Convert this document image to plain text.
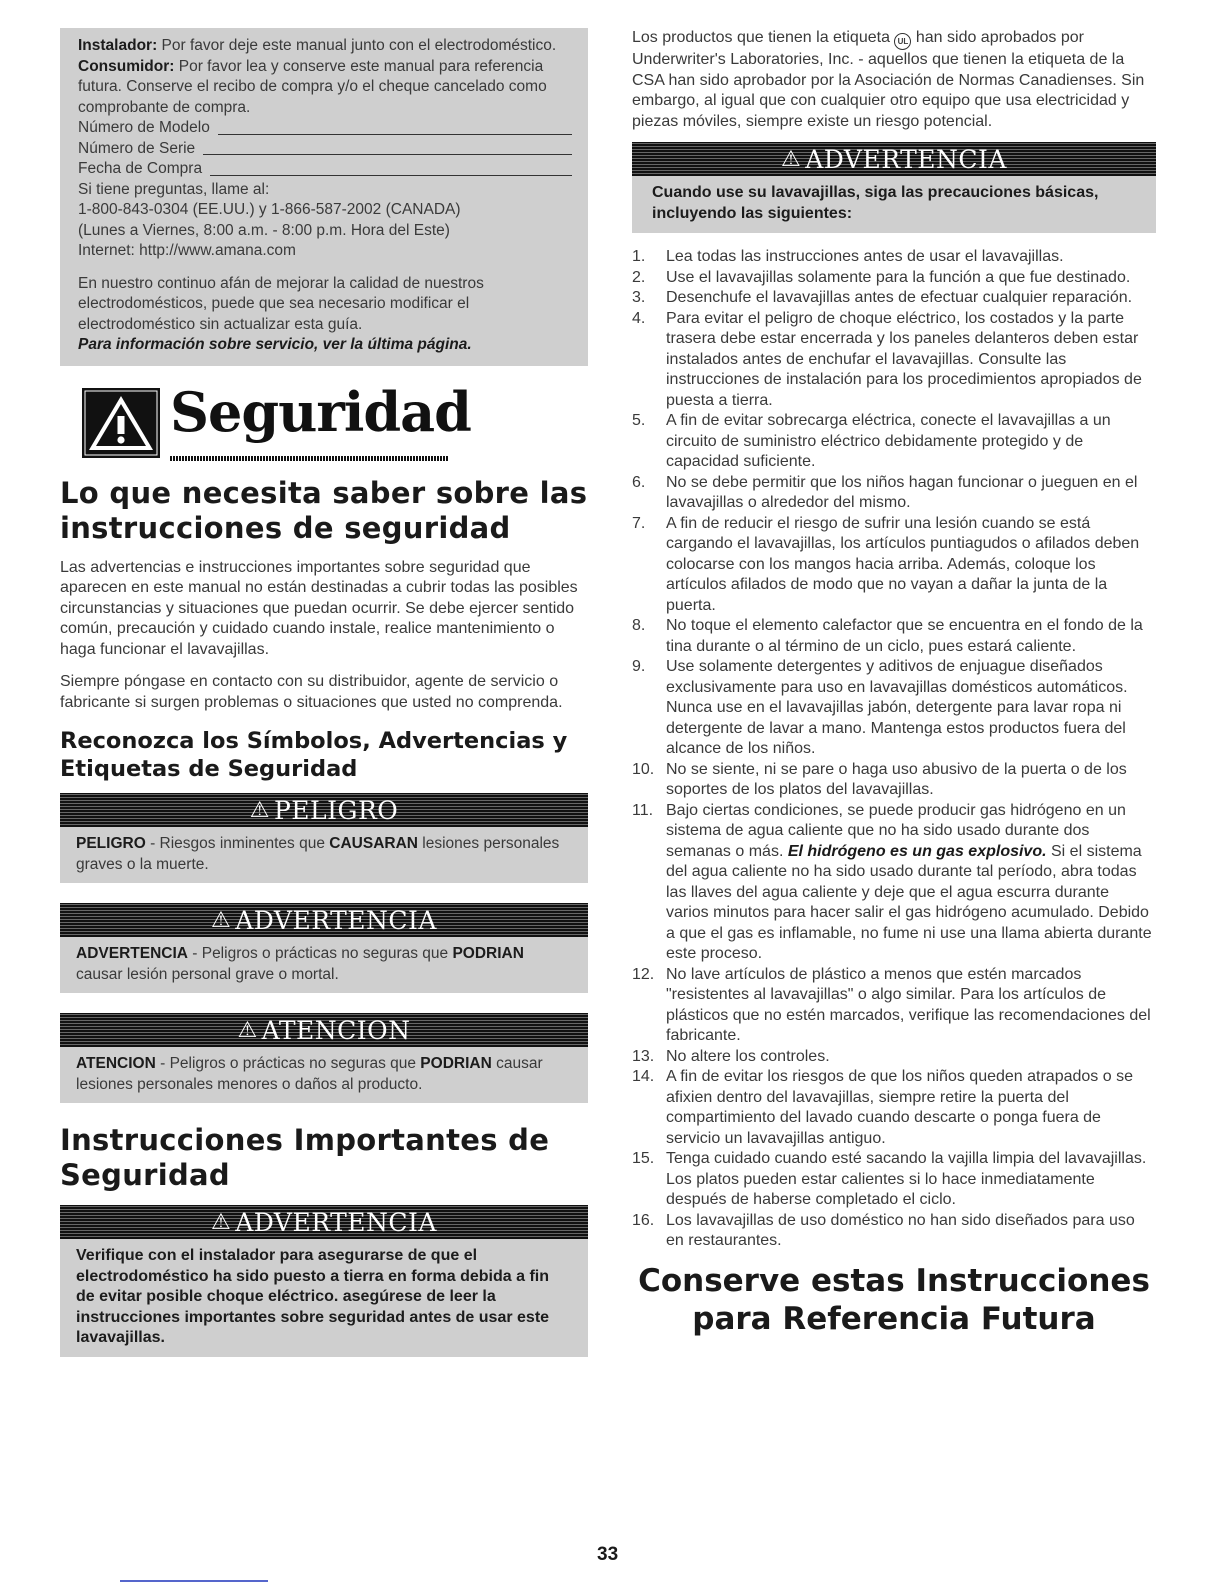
Instalador: Por favor deje este manual junto con el electrodoméstico.

Consumidor: Por favor lea y conserve este manual para referencia futura. Conserve el recibo de compra y/o el cheque cancelado como comprobante de compra.

Número de Modelo
Número de Serie
Fecha de Compra

Si tiene preguntas, llame al:

1-800-843-0304 (EE.UU.) y 1-866-587-2002 (CANADA)

(Lunes a Viernes, 8:00 a.m. - 8:00 p.m. Hora del Este)

Internet: http://www.amana.com

En nuestro continuo afán de mejorar la calidad de nuestros electrodomésticos, puede que sea necesario modificar el electrodoméstico sin actualizar esta guía.

Para información sobre servicio, ver la última página.

Seguridad
Lo que necesita saber sobre las instrucciones de seguridad

Las advertencias e instrucciones importantes sobre seguridad que aparecen en este manual no están destinadas a cubrir todas las posibles circunstancias y situaciones que puedan ocurrir. Se debe ejercer sentido común, precaución y cuidado cuando instale, realice mantenimiento o haga funcionar el lavavajillas.

Siempre póngase en contacto con su distribuidor, agente de servicio o fabricante si surgen problemas o situaciones que usted no comprenda.

Reconozca los Símbolos, Advertencias y Etiquetas de Seguridad
⚠ PELIGRO
PELIGRO - Riesgos inminentes que CAUSARAN lesiones personales graves o la muerte.
⚠ ADVERTENCIA
ADVERTENCIA - Peligros o prácticas no seguras que PODRIAN causar lesión personal grave o mortal.
⚠ ATENCION
ATENCION - Peligros o prácticas no seguras que PODRIAN causar lesiones personales menores o daños al producto.
Instrucciones Importantes de Seguridad
⚠ ADVERTENCIA
Verifique con el instalador para asegurarse de que el electrodoméstico ha sido puesto a tierra en forma debida a fin de evitar posible choque eléctrico. asegúrese de leer la instrucciones importantes sobre seguridad antes de usar este lavavajillas.

Los productos que tienen la etiqueta UL han sido aprobados por Underwriter's Laboratories, Inc. - aquellos que tienen la etiqueta de la CSA han sido aprobador por la Asociación de Normas Canadienses. Sin embargo, al igual que con cualquier otro equipo que usa electricidad y piezas móviles, siempre existe un riesgo potencial.

⚠ ADVERTENCIA
Cuando use su lavavajillas, siga las precauciones básicas, incluyendo las siguientes:
1.	Lea todas las instrucciones antes de usar el lavavajillas.
2.	Use el lavavajillas solamente para la función a que fue destinado.
3.	Desenchufe el lavavajillas antes de efectuar cualquier reparación.
4.	Para evitar el peligro de choque eléctrico, los costados y la parte trasera debe estar encerrada y los paneles delanteros deben estar instalados antes de enchufar el lavavajillas. Consulte las instrucciones de instalación para los procedimientos apropiados de puesta a tierra.
5.	A fin de evitar sobrecarga eléctrica, conecte el lavavajillas a un circuito de suministro eléctrico debidamente protegido y de capacidad suficiente.
6.	No se debe permitir que los niños hagan funcionar o jueguen en el lavavajillas o alrededor del mismo.
7.	A fin de reducir el riesgo de sufrir una lesión cuando se está cargando el lavavajillas, los artículos puntiagudos o afilados deben colocarse con los mangos hacia arriba. Además, coloque los artículos afilados de modo que no vayan a dañar la junta de la puerta.
8.	No toque el elemento calefactor que se encuentra en el fondo de la tina durante o al término de un ciclo, pues estará caliente.
9.	Use solamente detergentes y aditivos de enjuague diseñados exclusivamente para uso en lavavajillas domésticos automáticos. Nunca use en el lavavajillas jabón, detergente para lavar ropa ni detergente de lavar a mano. Mantenga estos productos fuera del alcance de los niños.
10. No se siente, ni se pare o haga uso abusivo de la puerta o de los soportes de los platos del lavavajillas.
11. Bajo ciertas condiciones, se puede producir gas hidrógeno en un sistema de agua caliente que no ha sido usado durante dos semanas o más. El hidrógeno es un gas explosivo. Si el sistema del agua caliente no ha sido usado durante tal período, abra todas las llaves del agua caliente y deje que el agua escurra durante varios minutos para hacer salir el gas hidrógeno acumulado. Debido a que el gas es inflamable, no fume ni use una llama abierta durante este proceso.
12. No lave artículos de plástico a menos que estén marcados "resistentes al lavavajillas" o algo similar. Para los artículos de plásticos que no estén marcados, verifique las recomendaciones del fabricante.
13. No altere los controles.
14. A fin de evitar los riesgos de que los niños queden atrapados o se afixien dentro del lavavajillas, siempre retire la puerta del compartimiento del lavado cuando descarte o ponga fuera de servicio un lavavajillas antiguo.
15. Tenga cuidado cuando esté sacando la vajilla limpia del lavavajillas. Los platos pueden estar calientes si lo hace inmediatamente después de haberse completado el ciclo.
16. Los lavavajillas de uso doméstico no han sido diseñados para uso en restaurantes.
Conserve estas Instrucciones
para Referencia Futura
33
